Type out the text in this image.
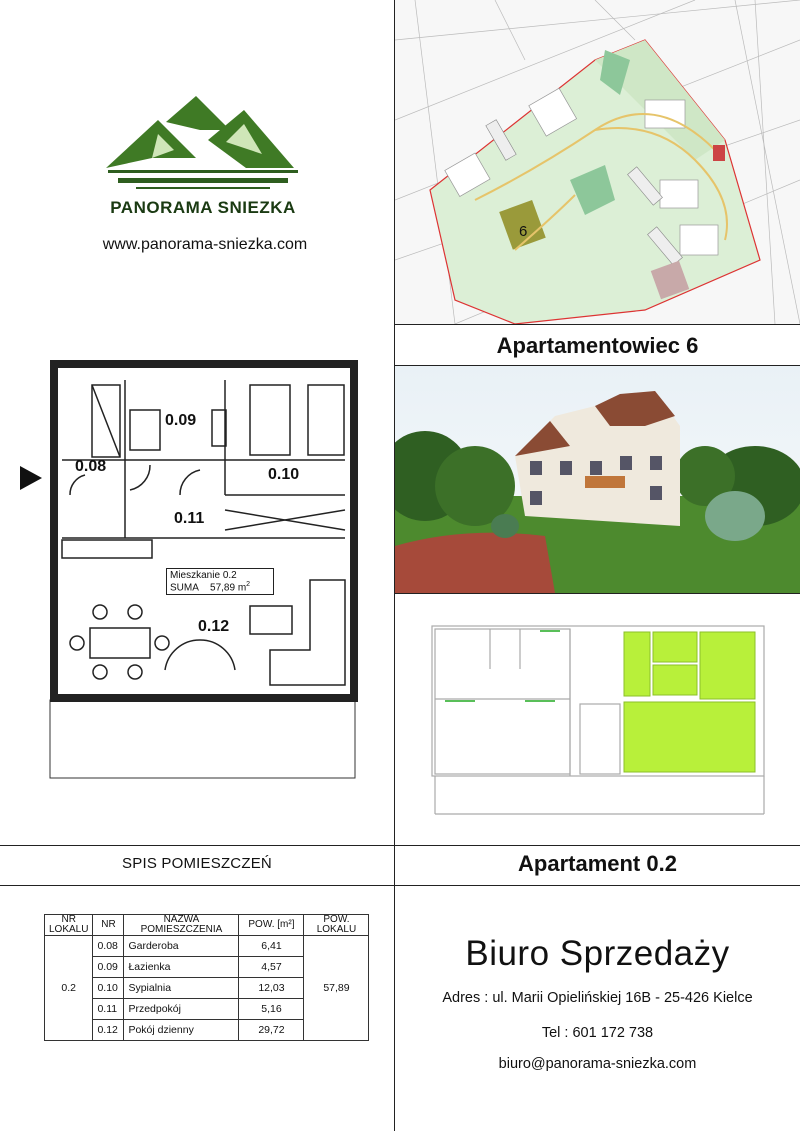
PANORAMA SNIEZKA
www.panorama-sniezka.com
6
Apartamentowiec 6
0.09
0.08	0.10
0.11
0.12
Mieszkanie 0.2
SUMA 57,89 $m^2$
SPIS POMIESZCZEŃ	Apartament 0.2
NR LOKALU	NR	NAZWA POMIESZCZENIA	POW. [m²]	POW. LOKALU
0.2	0.08	Garderoba	6,41	57,89
	0.09	Łazienka	4,57	
	0.10	Sypialnia	12,03	
	0.11	Przedpokój	5,16	
	0.12	Pokój dzienny	29,72	
Biuro Sprzedaży
Adres : ul. Marii Opielińskiej 16B - 25-426 Kielce
Tel : 601 172 738
biuro@panorama-sniezka.com
